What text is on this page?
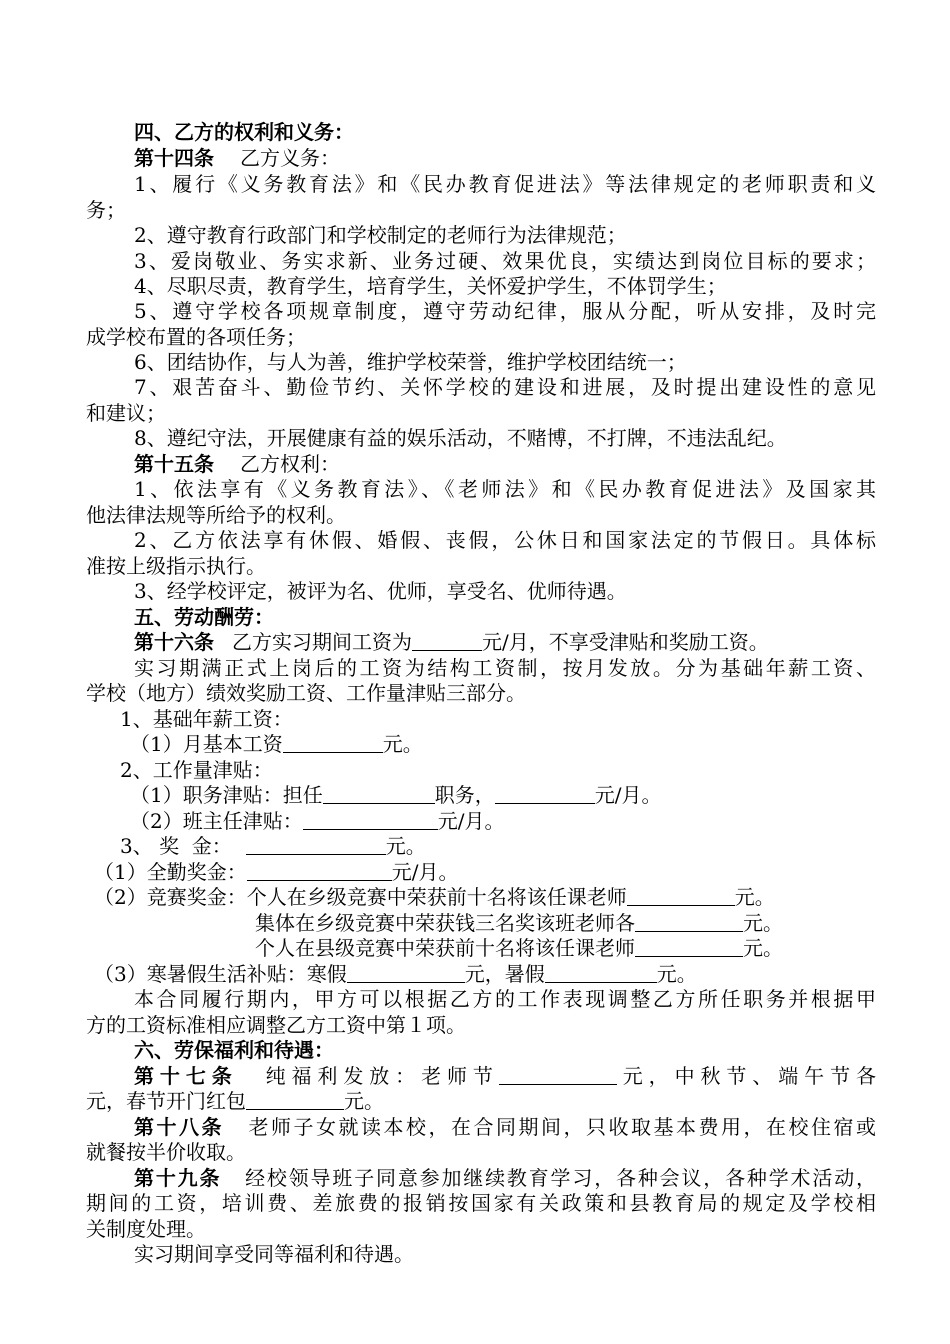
四、乙方的权利和义务：
第十四条 乙方义务：
1、履行《义务教育法》和《民办教育促进法》等法律规定的老师职责和义
务；
2、遵守教育行政部门和学校制定的老师行为法律规范；
3、爱岗敬业、务实求新、业务过硬、效果优良，实绩达到岗位目标的要求；
4、尽职尽责，教育学生，培育学生，关怀爱护学生，不体罚学生；
5、遵守学校各项规章制度，遵守劳动纪律，服从分配，听从安排，及时完
成学校布置的各项任务；
6、团结协作，与人为善，维护学校荣誉，维护学校团结统一；
7、艰苦奋斗、勤俭节约、关怀学校的建设和进展，及时提出建设性的意见
和建议；
8、遵纪守法，开展健康有益的娱乐活动，不赌博，不打牌，不违法乱纪。
第十五条 乙方权利：
1、依法享有《义务教育法》、《老师法》和《民办教育促进法》及国家其
他法律法规等所给予的权利。
2、乙方依法享有休假、婚假、丧假，公休日和国家法定的节假日。具体标
准按上级指示执行。
3、经学校评定，被评为名、优师，享受名、优师待遇。
五、劳动酬劳：
第十六条 乙方实习期间工资为	元/月，不享受津贴和奖励工资。
实习期满正式上岗后的工资为结构工资制，按月发放。分为基础年薪工资、
学校（地方）绩效奖励工资、工作量津贴三部分。
1、基础年薪工资：
（1）月基本工资	元。
2、工作量津贴：
（1）职务津贴：担任	职务，	元/月。
（2）班主任津贴：	元/月。
3、 奖  金：	元。
（1）全勤奖金：	元/月。
（2）竞赛奖金：个人在乡级竞赛中荣获前十名将该任课老师	元。
集体在乡级竞赛中荣获钱三名奖该班老师各	元。
个人在县级竞赛中荣获前十名将该任课老师	元。
（3）寒暑假生活补贴：寒假	元，暑假	元。
本合同履行期内，甲方可以根据乙方的工作表现调整乙方所任职务并根据甲
方的工资标准相应调整乙方工资中第１项。
六、劳保福利和待遇：
第十七条 纯福利发放：老师节	元，中秋节、端午节各
元，春节开门红包	元。
第十八条 老师子女就读本校，在合同期间，只收取基本费用，在校住宿或
就餐按半价收取。
第十九条 经校领导班子同意参加继续教育学习，各种会议，各种学术活动，
期间的工资，培训费、差旅费的报销按国家有关政策和县教育局的规定及学校相
关制度处理。
实习期间享受同等福利和待遇。
